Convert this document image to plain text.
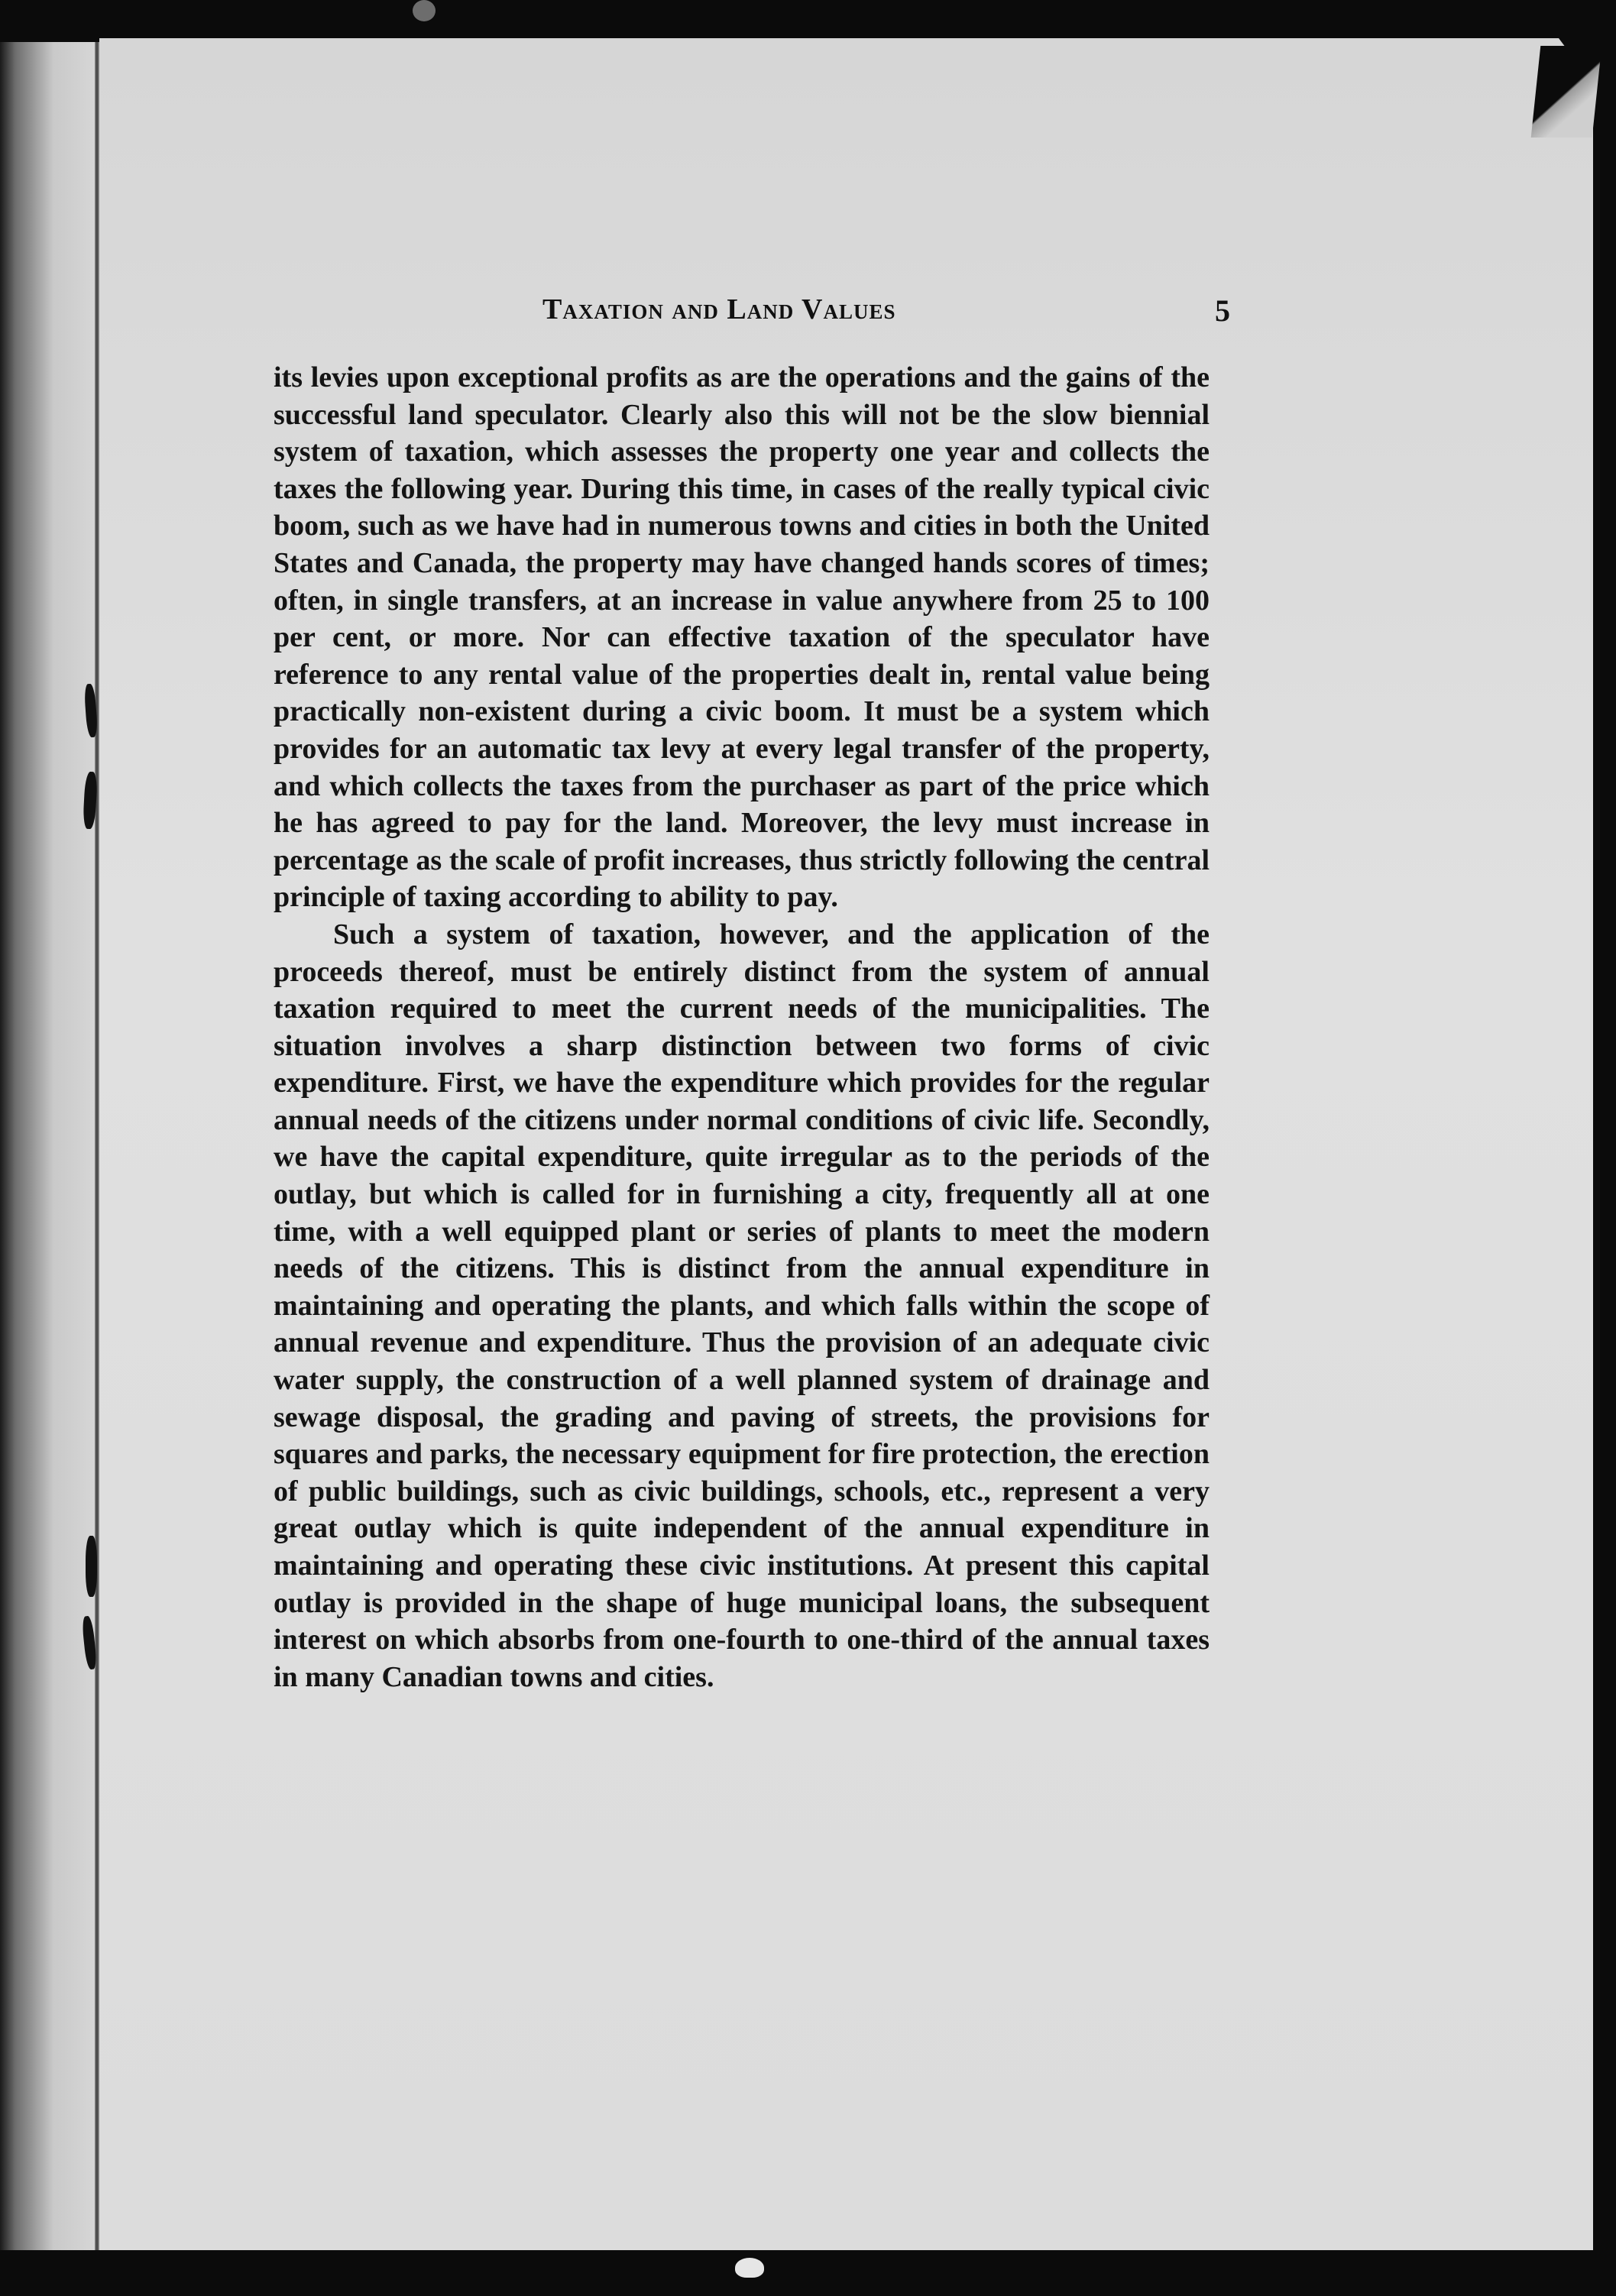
Taxation and Land Values	5

its levies upon exceptional profits as are the operations and the gains of the successful land speculator. Clearly also this will not be the slow biennial system of taxation, which assesses the property one year and collects the taxes the following year. During this time, in cases of the really typical civic boom, such as we have had in numerous towns and cities in both the United States and Canada, the property may have changed hands scores of times; often, in single transfers, at an increase in value anywhere from 25 to 100 per cent, or more. Nor can effective taxation of the speculator have reference to any rental value of the properties dealt in, rental value being practically non-existent during a civic boom. It must be a system which provides for an automatic tax levy at every legal transfer of the property, and which collects the taxes from the purchaser as part of the price which he has agreed to pay for the land. Moreover, the levy must increase in percentage as the scale of profit increases, thus strictly following the central principle of taxing according to ability to pay.

Such a system of taxation, however, and the application of the proceeds thereof, must be entirely distinct from the system of annual taxation required to meet the current needs of the municipalities. The situation involves a sharp distinction between two forms of civic expenditure. First, we have the expenditure which provides for the regular annual needs of the citizens under normal conditions of civic life. Secondly, we have the capital expenditure, quite irregular as to the periods of the outlay, but which is called for in furnishing a city, frequently all at one time, with a well equipped plant or series of plants to meet the modern needs of the citizens. This is distinct from the annual expenditure in maintaining and operating the plants, and which falls within the scope of annual revenue and expenditure. Thus the provision of an adequate civic water supply, the construction of a well planned system of drainage and sewage disposal, the grading and paving of streets, the provisions for squares and parks, the necessary equipment for fire protection, the erection of public buildings, such as civic buildings, schools, etc., represent a very great outlay which is quite independent of the annual expenditure in maintaining and operating these civic institutions. At present this capital outlay is provided in the shape of huge municipal loans, the subsequent interest on which absorbs from one-fourth to one-third of the annual taxes in many Canadian towns and cities.
